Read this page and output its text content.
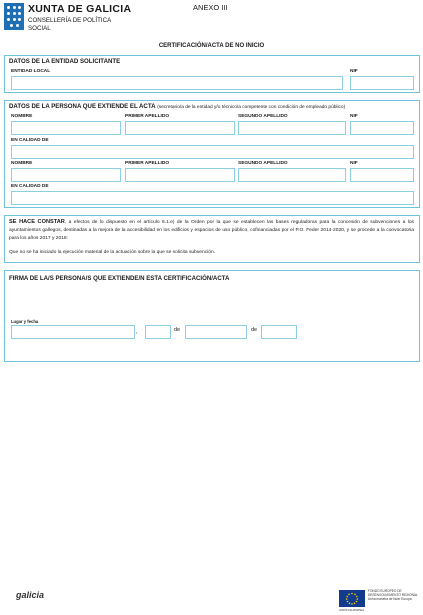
XUNTA DE GALICIA
CONSELLERÍA DE POLÍTICA
SOCIAL
ANEXO III
CERTIFICACIÓN/ACTA DE NO INICIO
DATOS DE LA ENTIDAD SOLICITANTE
ENTIDAD LOCAL	NIF
DATOS DE LA PERSONA QUE EXTIENDE EL ACTA (secretario/a de la entidad y/o técnico/a competente con condición de empleado público)
NOMBRE	PRIMER APELLIDO	SEGUNDO APELLIDO	NIF
EN CALIDAD DE
NOMBRE	PRIMER APELLIDO	SEGUNDO APELLIDO	NIF
EN CALIDAD DE
SE HACE CONSTAR, a efectos de lo dispuesto en el artículo 6.1.e) de la Orden por la que se establecen las bases reguladoras para la concesión de subvenciones a los ayuntamientos gallegos, destinadas a la mejora de la accesibilidad en los edificios y espacios de uso público, cofinanciadas por el P.O. Feder 2014-2020, y se procede a la convocatoria para los años 2017 y 2018:
Que no se ha iniciado la ejecución material de la actuación sobre la que se solicita subvención.
FIRMA DE LA/S PERSONA/S QUE EXTIENDE/N ESTA CERTIFICACIÓN/ACTA
Lugar y fecha
,	de	de
galicia	FONDO EUROPEO DE
DESENVOLVEMENTO REXIONAL
Unha maneira de facer Europa
UNIÓN EUROPEA
